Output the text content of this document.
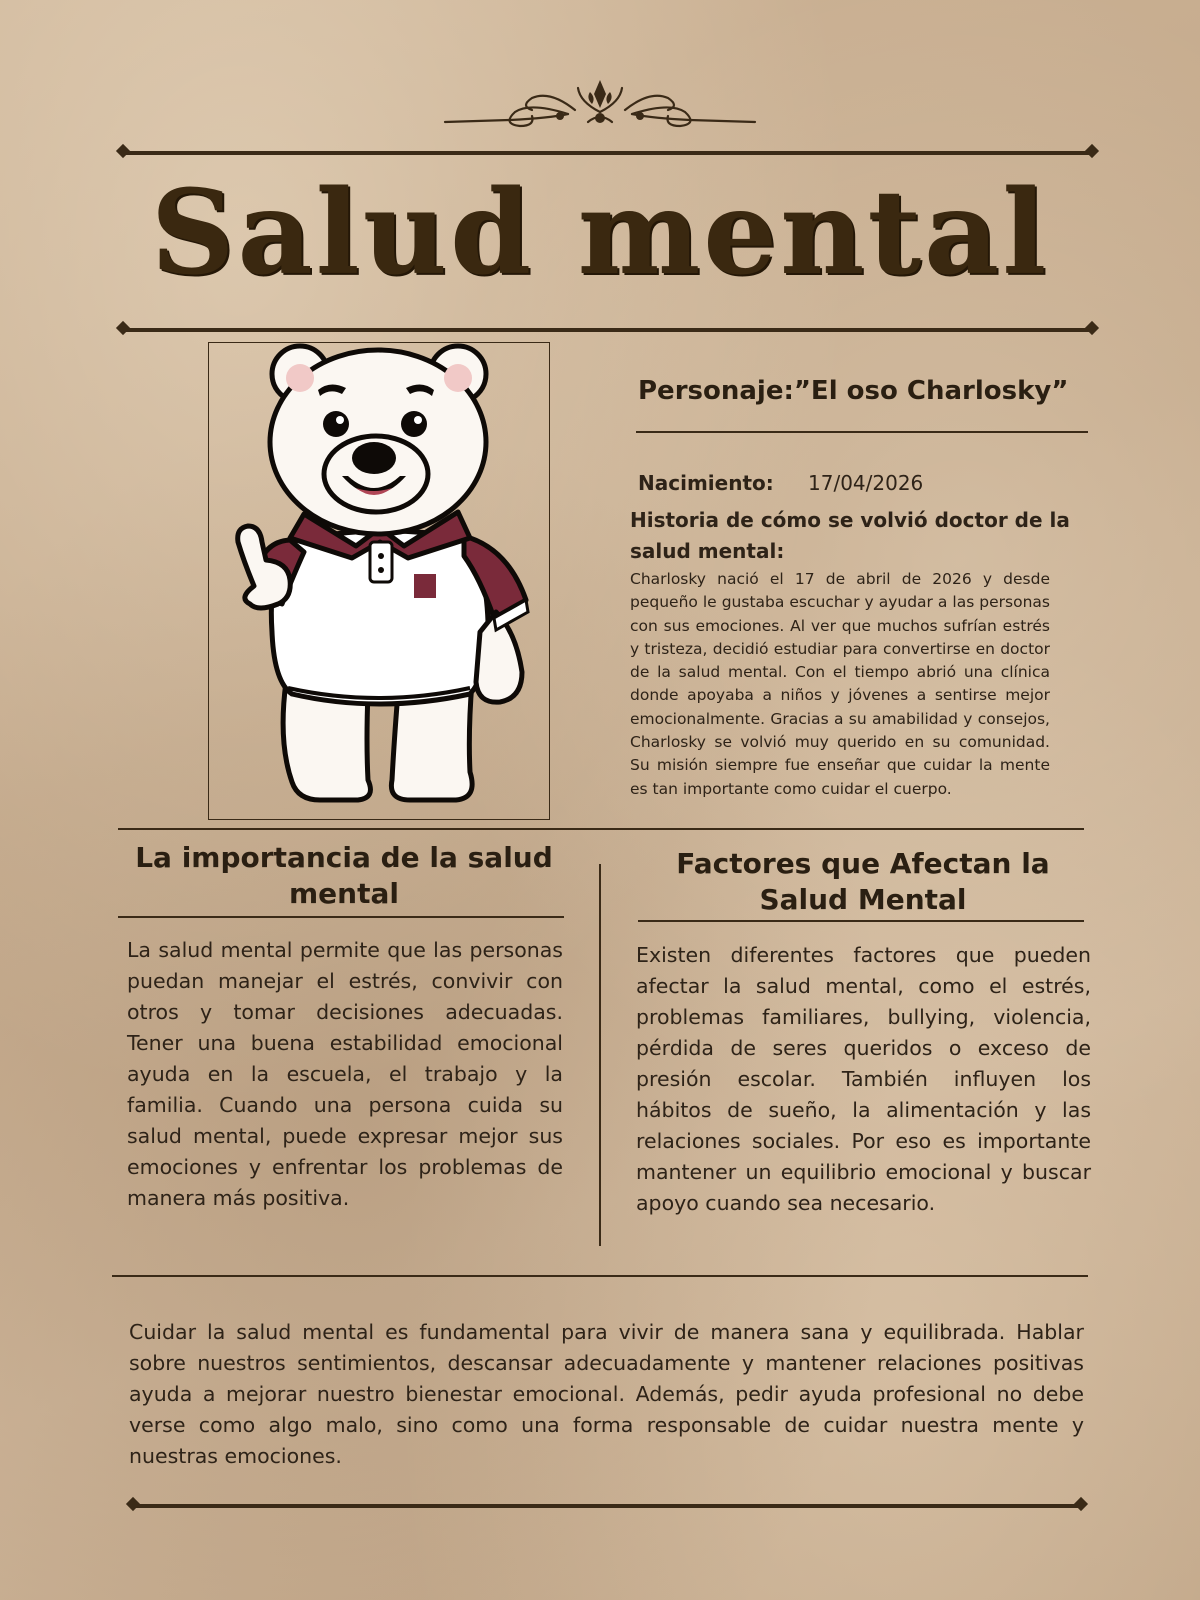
Salud mental
Personaje:”El oso Charlosky”
Nacimiento: 17/04/2026
Historia de cómo se volvió doctor de la salud mental:
Charlosky nació el 17 de abril de 2026 y desde pequeño le gustaba escuchar y ayudar a las personas con sus emociones. Al ver que muchos sufrían estrés y tristeza, decidió estudiar para convertirse en doctor de la salud mental. Con el tiempo abrió una clínica donde apoyaba a niños y jóvenes a sentirse mejor emocionalmente. Gracias a su amabilidad y consejos, Charlosky se volvió muy querido en su comunidad. Su misión siempre fue enseñar que cuidar la mente es tan importante como cuidar el cuerpo.
La importancia de la salud mental
La salud mental permite que las personas puedan manejar el estrés, convivir con otros y tomar decisiones adecuadas. Tener una buena estabilidad emocional ayuda en la escuela, el trabajo y la familia. Cuando una persona cuida su salud mental, puede expresar mejor sus emociones y enfrentar los problemas de manera más positiva.
Factores que Afectan la Salud Mental
Existen diferentes factores que pueden afectar la salud mental, como el estrés, problemas familiares, bullying, violencia, pérdida de seres queridos o exceso de presión escolar. También influyen los hábitos de sueño, la alimentación y las relaciones sociales. Por eso es importante mantener un equilibrio emocional y buscar apoyo cuando sea necesario.
Cuidar la salud mental es fundamental para vivir de manera sana y equilibrada. Hablar sobre nuestros sentimientos, descansar adecuadamente y mantener relaciones positivas ayuda a mejorar nuestro bienestar emocional. Además, pedir ayuda profesional no debe verse como algo malo, sino como una forma responsable de cuidar nuestra mente y nuestras emociones.
